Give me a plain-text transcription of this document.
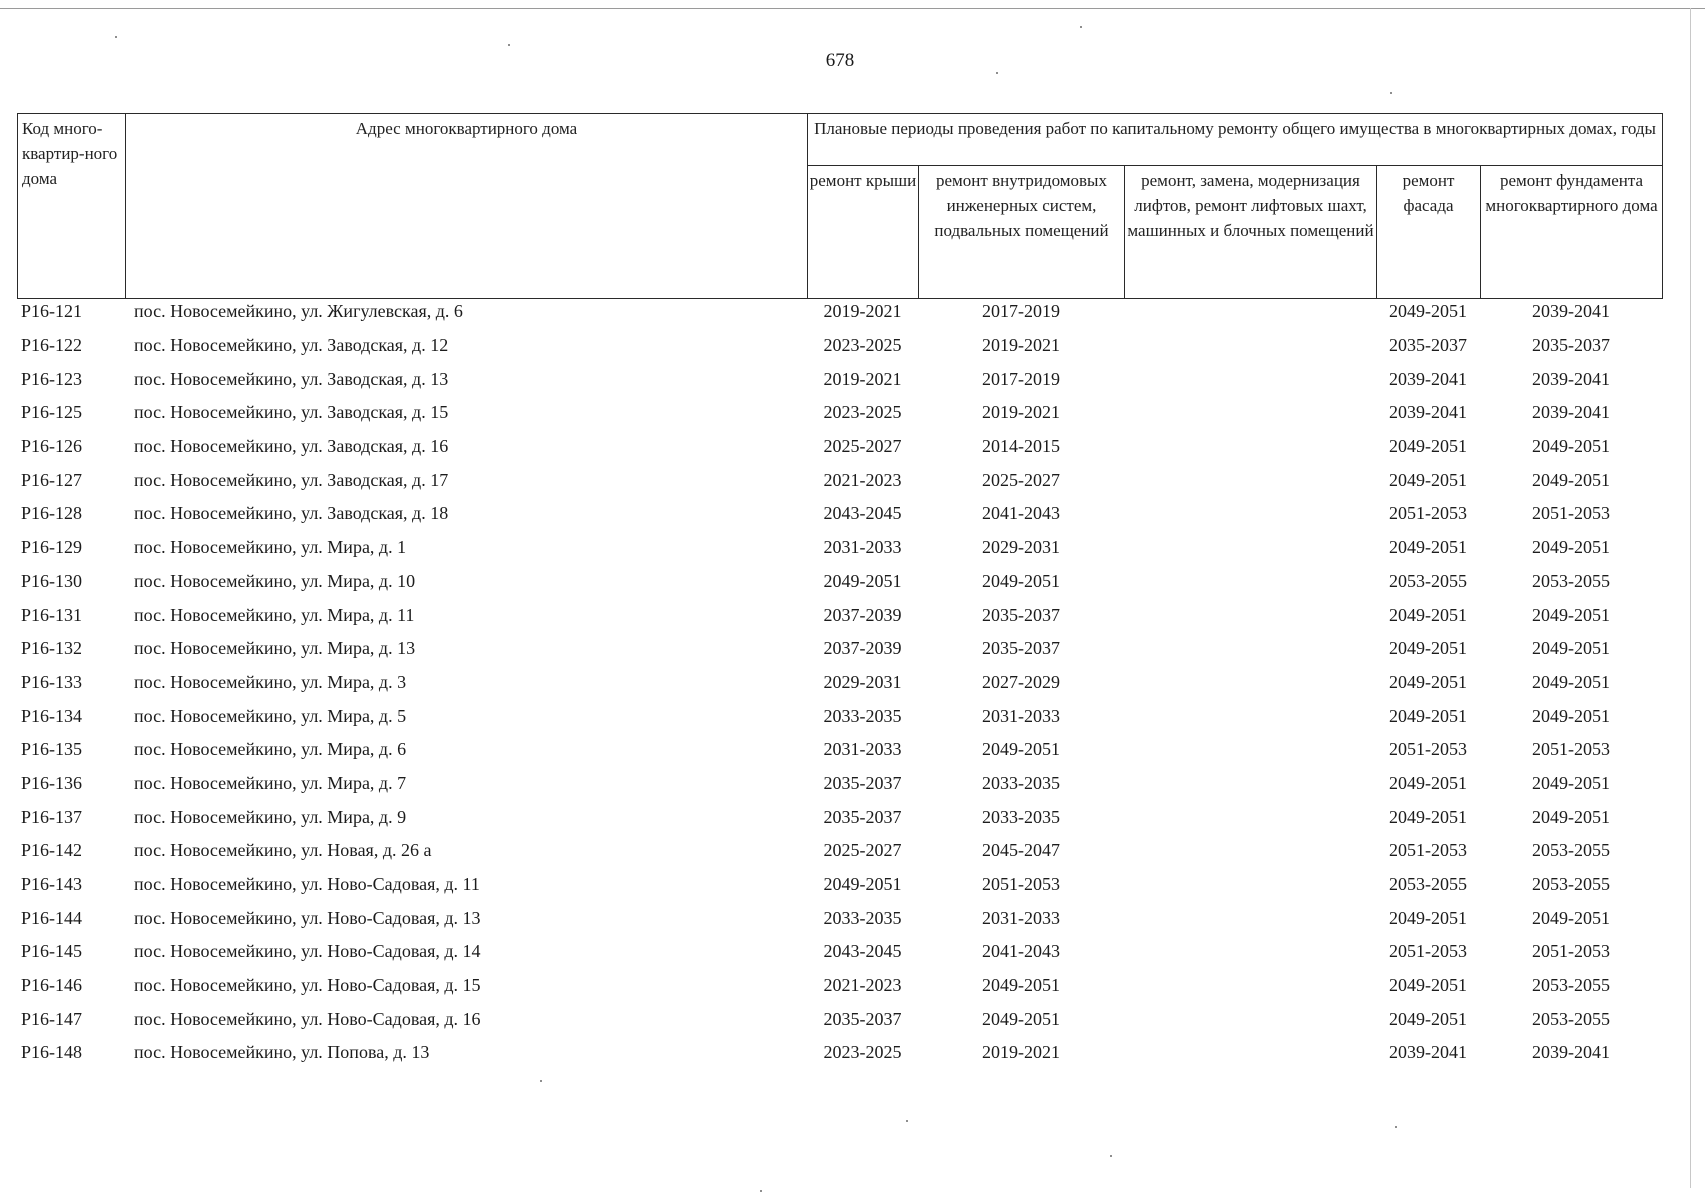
678
Код много-квартир-ного дома	Адрес многоквартирного дома	Плановые периоды проведения работ по капитальному ремонту общего имущества в многоквартирных домах, годы				
		ремонт крыши	ремонт внутридомовых инженерных систем, подвальных помещений	ремонт, замена, модернизация лифтов, ремонт лифтовых шахт, машинных и блочных помещений	ремонт фасада	ремонт фундамента многоквартирного дома
P16-121	пос. Новосемейкино, ул. Жигулевская, д. 6	2019-2021	2017-2019		2049-2051	2039-2041
P16-122	пос. Новосемейкино, ул. Заводская, д. 12	2023-2025	2019-2021		2035-2037	2035-2037
P16-123	пос. Новосемейкино, ул. Заводская, д. 13	2019-2021	2017-2019		2039-2041	2039-2041
P16-125	пос. Новосемейкино, ул. Заводская, д. 15	2023-2025	2019-2021		2039-2041	2039-2041
P16-126	пос. Новосемейкино, ул. Заводская, д. 16	2025-2027	2014-2015		2049-2051	2049-2051
P16-127	пос. Новосемейкино, ул. Заводская, д. 17	2021-2023	2025-2027		2049-2051	2049-2051
P16-128	пос. Новосемейкино, ул. Заводская, д. 18	2043-2045	2041-2043		2051-2053	2051-2053
P16-129	пос. Новосемейкино, ул. Мира, д. 1	2031-2033	2029-2031		2049-2051	2049-2051
P16-130	пос. Новосемейкино, ул. Мира, д. 10	2049-2051	2049-2051		2053-2055	2053-2055
P16-131	пос. Новосемейкино, ул. Мира, д. 11	2037-2039	2035-2037		2049-2051	2049-2051
P16-132	пос. Новосемейкино, ул. Мира, д. 13	2037-2039	2035-2037		2049-2051	2049-2051
P16-133	пос. Новосемейкино, ул. Мира, д. 3	2029-2031	2027-2029		2049-2051	2049-2051
P16-134	пос. Новосемейкино, ул. Мира, д. 5	2033-2035	2031-2033		2049-2051	2049-2051
P16-135	пос. Новосемейкино, ул. Мира, д. 6	2031-2033	2049-2051		2051-2053	2051-2053
P16-136	пос. Новосемейкино, ул. Мира, д. 7	2035-2037	2033-2035		2049-2051	2049-2051
P16-137	пос. Новосемейкино, ул. Мира, д. 9	2035-2037	2033-2035		2049-2051	2049-2051
P16-142	пос. Новосемейкино, ул. Новая, д. 26 а	2025-2027	2045-2047		2051-2053	2053-2055
P16-143	пос. Новосемейкино, ул. Ново-Садовая, д. 11	2049-2051	2051-2053		2053-2055	2053-2055
P16-144	пос. Новосемейкино, ул. Ново-Садовая, д. 13	2033-2035	2031-2033		2049-2051	2049-2051
P16-145	пос. Новосемейкино, ул. Ново-Садовая, д. 14	2043-2045	2041-2043		2051-2053	2051-2053
P16-146	пос. Новосемейкино, ул. Ново-Садовая, д. 15	2021-2023	2049-2051		2049-2051	2053-2055
P16-147	пос. Новосемейкино, ул. Ново-Садовая, д. 16	2035-2037	2049-2051		2049-2051	2053-2055
P16-148	пос. Новосемейкино, ул. Попова, д. 13	2023-2025	2019-2021		2039-2041	2039-2041
